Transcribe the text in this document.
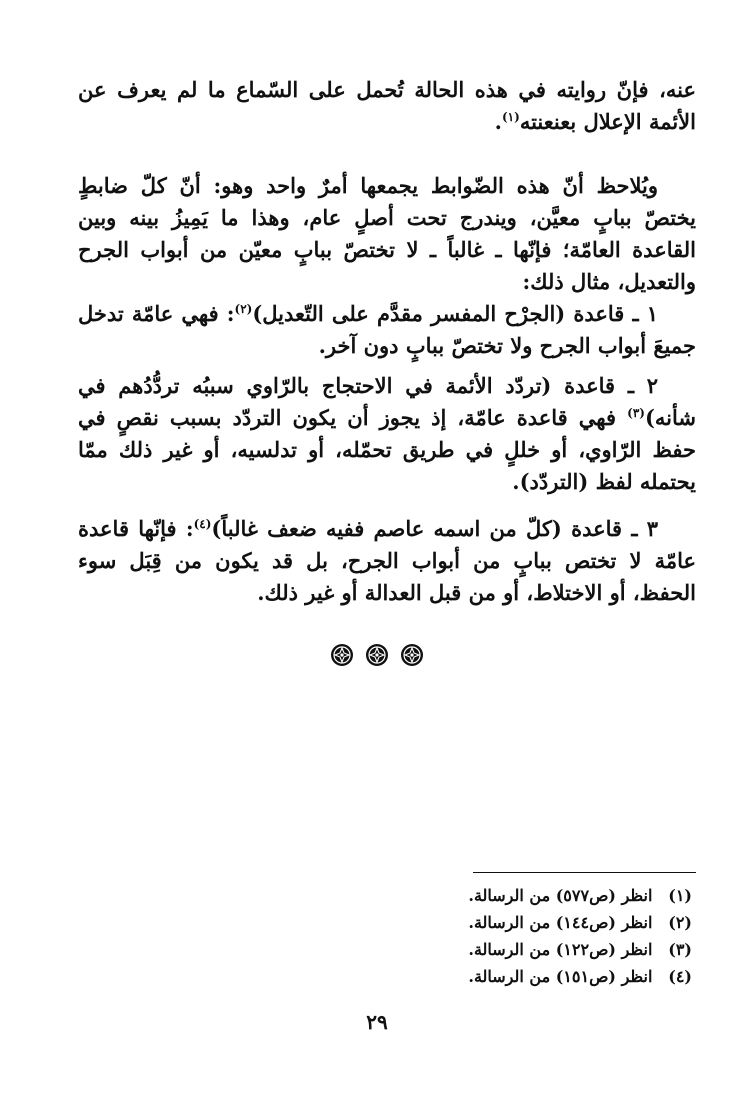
عنه، فإنّ روايته في هذه الحالة تُحمل على السّماع ما لم يعرف عن الأئمة الإعلال بعنعنته$^{(١)}$.

ويُلاحظ أنّ هذه الضّوابط يجمعها أمرٌ واحد وهو: أنّ كلّ ضابطٍ يختصّ ببابٍ معيَّن، ويندرج تحت أصلٍ عام، وهذا ما يَمِيزُ بينه وبين القاعدة العامّة؛ فإنّها ـ غالباً ـ لا تختصّ ببابٍ معيّن من أبواب الجرح والتعديل، مثال ذلك:

١ ـ قاعدة (الجرْح المفسر مقدَّم على التّعديل)$^{(٢)}$: فهي عامّة تدخل جميعَ أبواب الجرح ولا تختصّ ببابٍ دون آخر.

٢ ـ قاعدة (تردّد الأئمة في الاحتجاج بالرّاوي سببُه تردُّدُهم في شأنه)$^{(٣)}$ فهي قاعدة عامّة، إذ يجوز أن يكون التردّد بسبب نقصٍ في حفظ الرّاوي، أو خللٍ في طريق تحمّله، أو تدلسيه، أو غير ذلك ممّا يحتمله لفظ (التردّد).

٣ ـ قاعدة (كلّ من اسمه عاصم ففيه ضعف غالباً)$^{(٤)}$: فإنّها قاعدة عامّة لا تختص ببابٍ من أبواب الجرح، بل قد يكون من قِبَل سوء الحفظ، أو الاختلاط، أو من قبل العدالة أو غير ذلك.

(١) انظر (ص٥٧٧) من الرسالة.
(٢) انظر (ص١٤٤) من الرسالة.
(٣) انظر (ص١٢٢) من الرسالة.
(٤) انظر (ص١٥١) من الرسالة.
٢٩
